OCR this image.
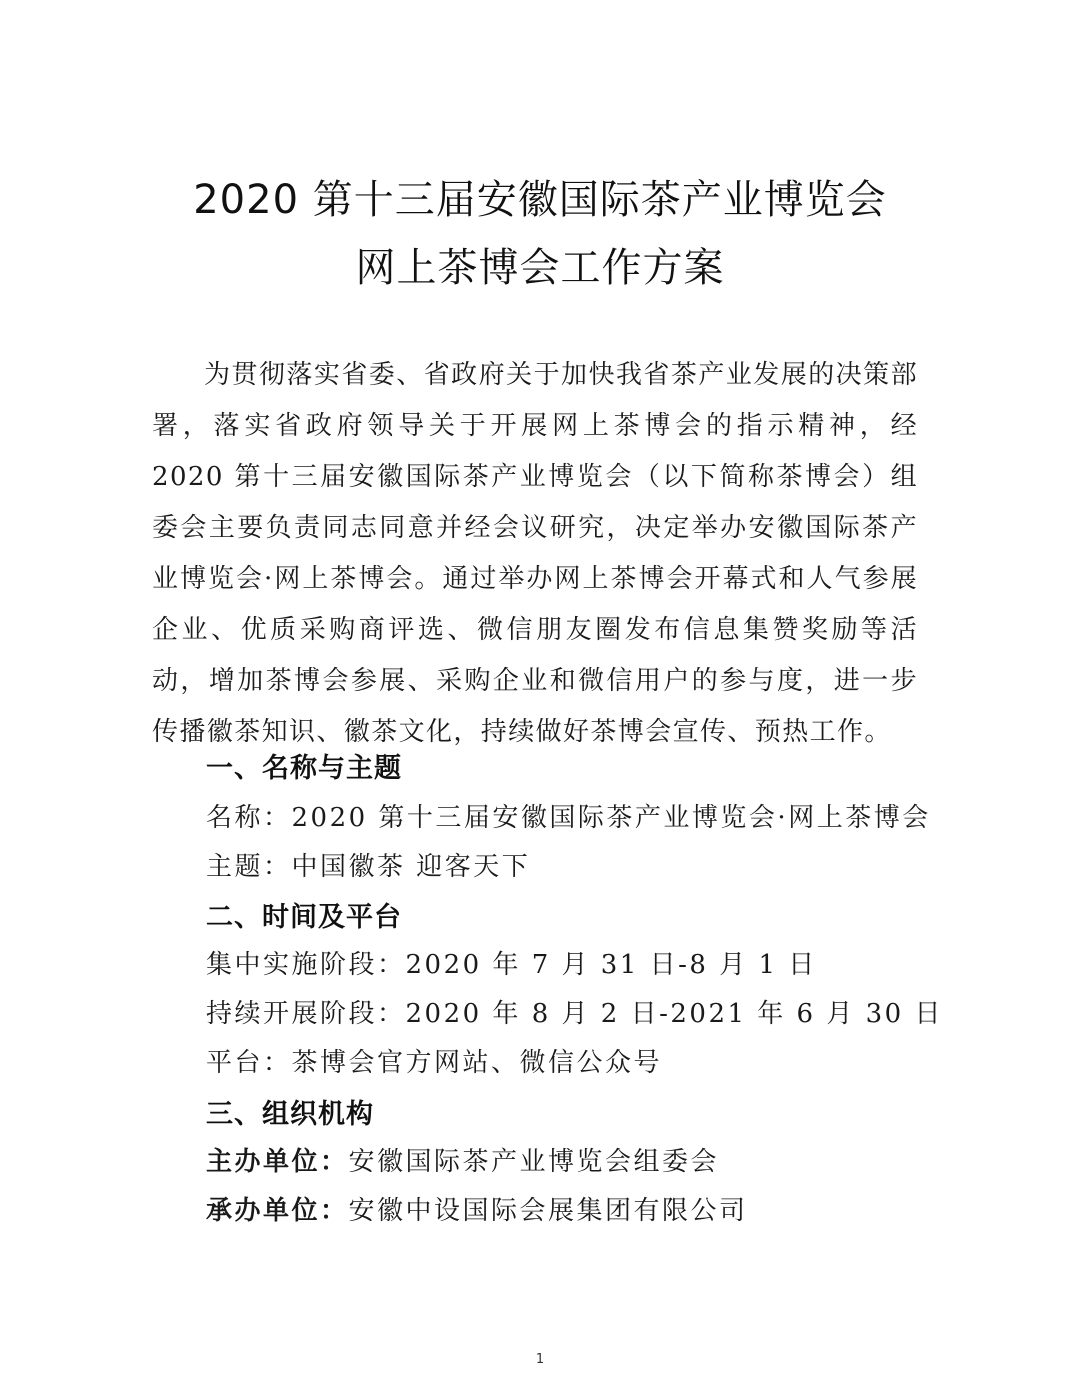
2020 第十三届安徽国际茶产业博览会
网上茶博会工作方案
为贯彻落实省委、省政府关于加快我省茶产业发展的决策部署，落实省政府领导关于开展网上茶博会的指示精神，经 2020 第十三届安徽国际茶产业博览会（以下简称茶博会）组委会主要负责同志同意并经会议研究，决定举办安徽国际茶产业博览会·网上茶博会。通过举办网上茶博会开幕式和人气参展企业、优质采购商评选、微信朋友圈发布信息集赞奖励等活动，增加茶博会参展、采购企业和微信用户的参与度，进一步传播徽茶知识、徽茶文化，持续做好茶博会宣传、预热工作。
一、名称与主题
名称：2020 第十三届安徽国际茶产业博览会·网上茶博会
主题：中国徽茶 迎客天下
二、时间及平台
集中实施阶段：2020 年 7 月 31 日-8 月 1 日
持续开展阶段：2020 年 8 月 2 日-2021 年 6 月 30 日
平台：茶博会官方网站、微信公众号
三、组织机构
主办单位：安徽国际茶产业博览会组委会
承办单位：安徽中设国际会展集团有限公司
1
